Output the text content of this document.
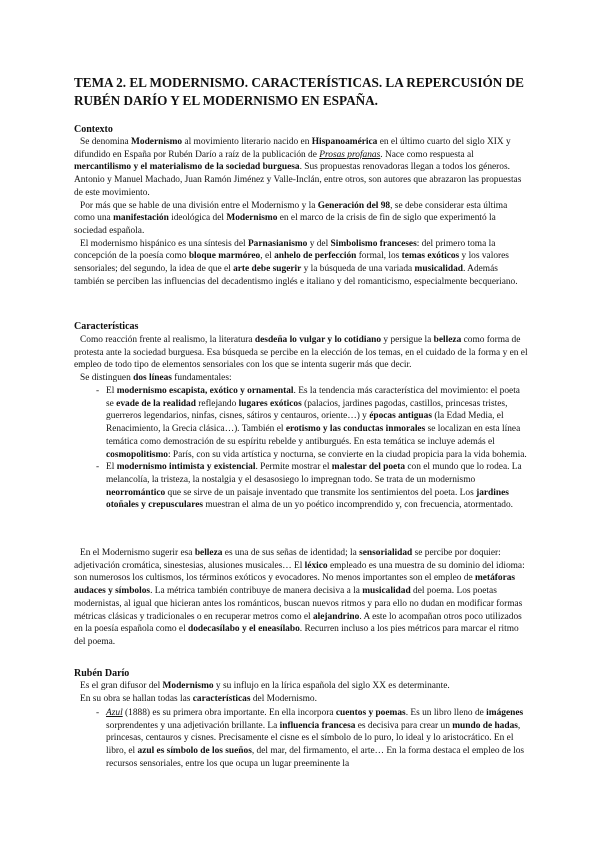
TEMA 2. EL MODERNISMO. CARACTERÍSTICAS. LA REPERCUSIÓN DE RUBÉN DARÍO Y EL MODERNISMO EN ESPAÑA.
Contexto

Se denomina Modernismo al movimiento literario nacido en Hispanoamérica en el último cuarto del siglo XIX y difundido en España por Rubén Darío a raíz de la publicación de Prosas profanas. Nace como respuesta al mercantilismo y el materialismo de la sociedad burguesa. Sus propuestas renovadoras llegan a todos los géneros. Antonio y Manuel Machado, Juan Ramón Jiménez y Valle-Inclán, entre otros, son autores que abrazaron las propuestas de este movimiento.

Por más que se hable de una división entre el Modernismo y la Generación del 98, se debe considerar esta última como una manifestación ideológica del Modernismo en el marco de la crisis de fin de siglo que experimentó la sociedad española.

El modernismo hispánico es una síntesis del Parnasianismo y del Simbolismo franceses: del primero toma la concepción de la poesía como bloque marmóreo, el anhelo de perfección formal, los temas exóticos y los valores sensoriales; del segundo, la idea de que el arte debe sugerir y la búsqueda de una variada musicalidad. Además también se perciben las influencias del decadentismo inglés e italiano y del romanticismo, especialmente becqueriano.

Características

Como reacción frente al realismo, la literatura desdeña lo vulgar y lo cotidiano y persigue la belleza como forma de protesta ante la sociedad burguesa. Esa búsqueda se percibe en la elección de los temas, en el cuidado de la forma y en el empleo de todo tipo de elementos sensoriales con los que se intenta sugerir más que decir.

Se distinguen dos líneas fundamentales:

- El modernismo escapista, exótico y ornamental. Es la tendencia más característica del movimiento: el poeta se evade de la realidad reflejando lugares exóticos (palacios, jardines pagodas, castillos, princesas tristes, guerreros legendarios, ninfas, cisnes, sátiros y centauros, oriente…) y épocas antiguas (la Edad Media, el Renacimiento, la Grecia clásica…). También el erotismo y las conductas inmorales se localizan en esta línea temática como demostración de su espíritu rebelde y antiburgués. En esta temática se incluye además el cosmopolitismo: París, con su vida artística y nocturna, se convierte en la ciudad propicia para la vida bohemia.

- El modernismo intimista y existencial. Permite mostrar el malestar del poeta con el mundo que lo rodea. La melancolía, la tristeza, la nostalgia y el desasosiego lo impregnan todo. Se trata de un modernismo neorromántico que se sirve de un paisaje inventado que transmite los sentimientos del poeta. Los jardines otoñales y crepusculares muestran el alma de un yo poético incomprendido y, con frecuencia, atormentado.

En el Modernismo sugerir esa belleza es una de sus señas de identidad; la sensorialidad se percibe por doquier: adjetivación cromática, sinestesias, alusiones musicales… El léxico empleado es una muestra de su dominio del idioma: son numerosos los cultismos, los términos exóticos y evocadores. No menos importantes son el empleo de metáforas audaces y símbolos. La métrica también contribuye de manera decisiva a la musicalidad del poema. Los poetas modernistas, al igual que hicieran antes los románticos, buscan nuevos ritmos y para ello no dudan en modificar formas métricas clásicas y tradicionales o en recuperar metros como el alejandrino. A este lo acompañan otros poco utilizados en la poesía española como el dodecasílabo y el eneasílabo. Recurren incluso a los pies métricos para marcar el ritmo del poema.

Rubén Darío

Es el gran difusor del Modernismo y su influjo en la lírica española del siglo XX es determinante.

En su obra se hallan todas las características del Modernismo.

- Azul (1888) es su primera obra importante. En ella incorpora cuentos y poemas. Es un libro lleno de imágenes sorprendentes y una adjetivación brillante. La influencia francesa es decisiva para crear un mundo de hadas, princesas, centauros y cisnes. Precisamente el cisne es el símbolo de lo puro, lo ideal y lo aristocrático. En el libro, el azul es símbolo de los sueños, del mar, del firmamento, el arte… En la forma destaca el empleo de los recursos sensoriales, entre los que ocupa un lugar preeminente la
